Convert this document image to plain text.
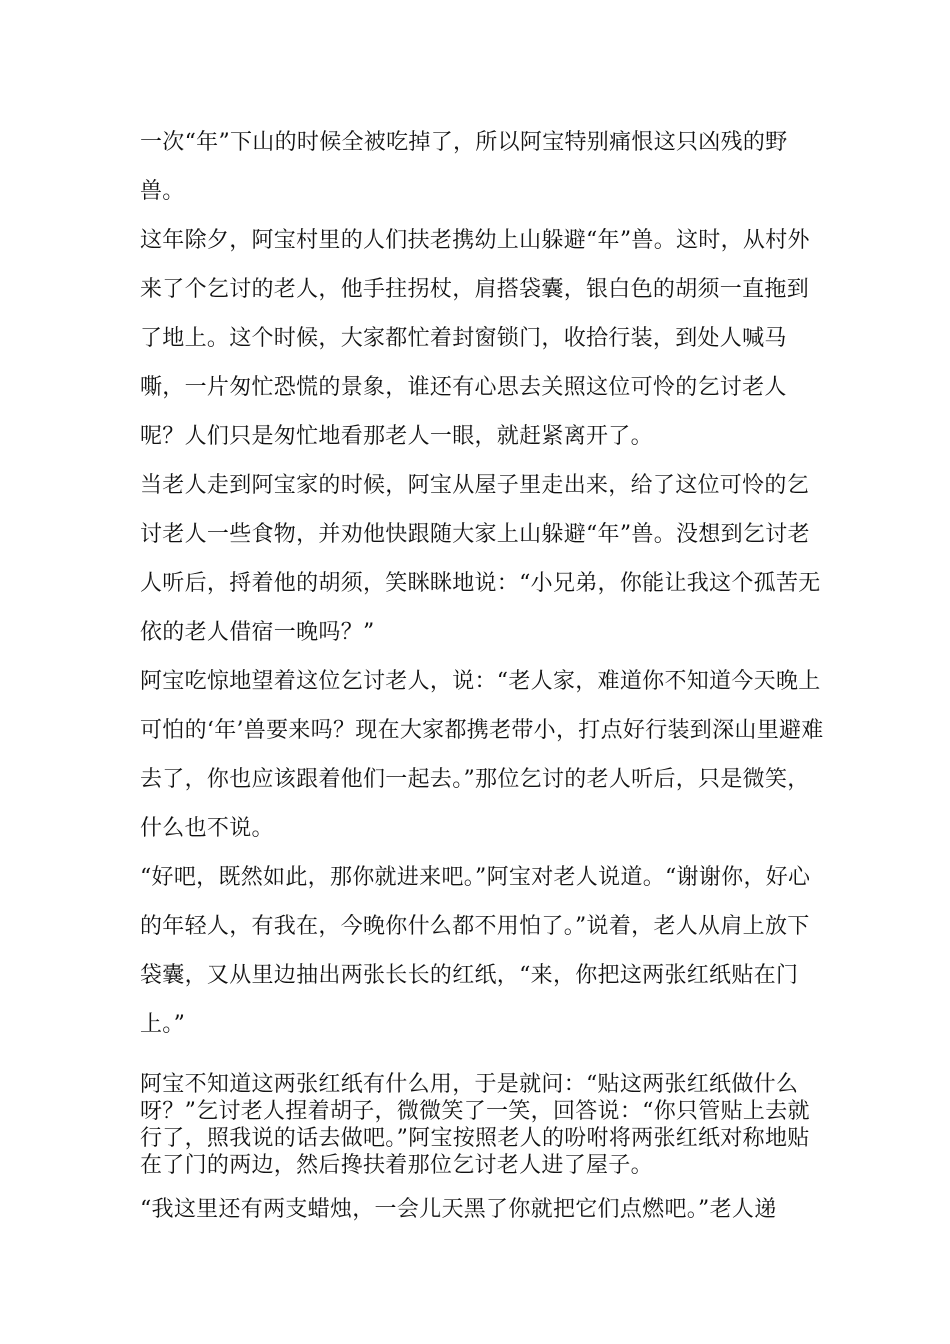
一次“年”下山的时候全被吃掉了，所以阿宝特别痛恨这只凶残的野兽。

这年除夕，阿宝村里的人们扶老携幼上山躲避“年”兽。这时，从村外来了个乞讨的老人，他手拄拐杖，肩搭袋囊，银白色的胡须一直拖到了地上。这个时候，大家都忙着封窗锁门，收拾行装，到处人喊马嘶，一片匆忙恐慌的景象，谁还有心思去关照这位可怜的乞讨老人呢？人们只是匆忙地看那老人一眼，就赶紧离开了。

当老人走到阿宝家的时候，阿宝从屋子里走出来，给了这位可怜的乞讨老人一些食物，并劝他快跟随大家上山躲避“年”兽。没想到乞讨老人听后，捋着他的胡须，笑眯眯地说：“小兄弟，你能让我这个孤苦无依的老人借宿一晚吗？”

阿宝吃惊地望着这位乞讨老人，说：“老人家，难道你不知道今天晚上可怕的‘年’兽要来吗？现在大家都携老带小，打点好行装到深山里避难去了，你也应该跟着他们一起去。”那位乞讨的老人听后，只是微笑，什么也不说。

“好吧，既然如此，那你就进来吧。”阿宝对老人说道。“谢谢你，好心的年轻人，有我在，今晚你什么都不用怕了。”说着，老人从肩上放下袋囊，又从里边抽出两张长长的红纸，“来，你把这两张红纸贴在门上。”

阿宝不知道这两张红纸有什么用，于是就问：“贴这两张红纸做什么呀？”乞讨老人捏着胡子，微微笑了一笑，回答说：“你只管贴上去就行了，照我说的话去做吧。”阿宝按照老人的吩咐将两张红纸对称地贴在了门的两边，然后搀扶着那位乞讨老人进了屋子。

“我这里还有两支蜡烛，一会儿天黑了你就把它们点燃吧。”老人递
